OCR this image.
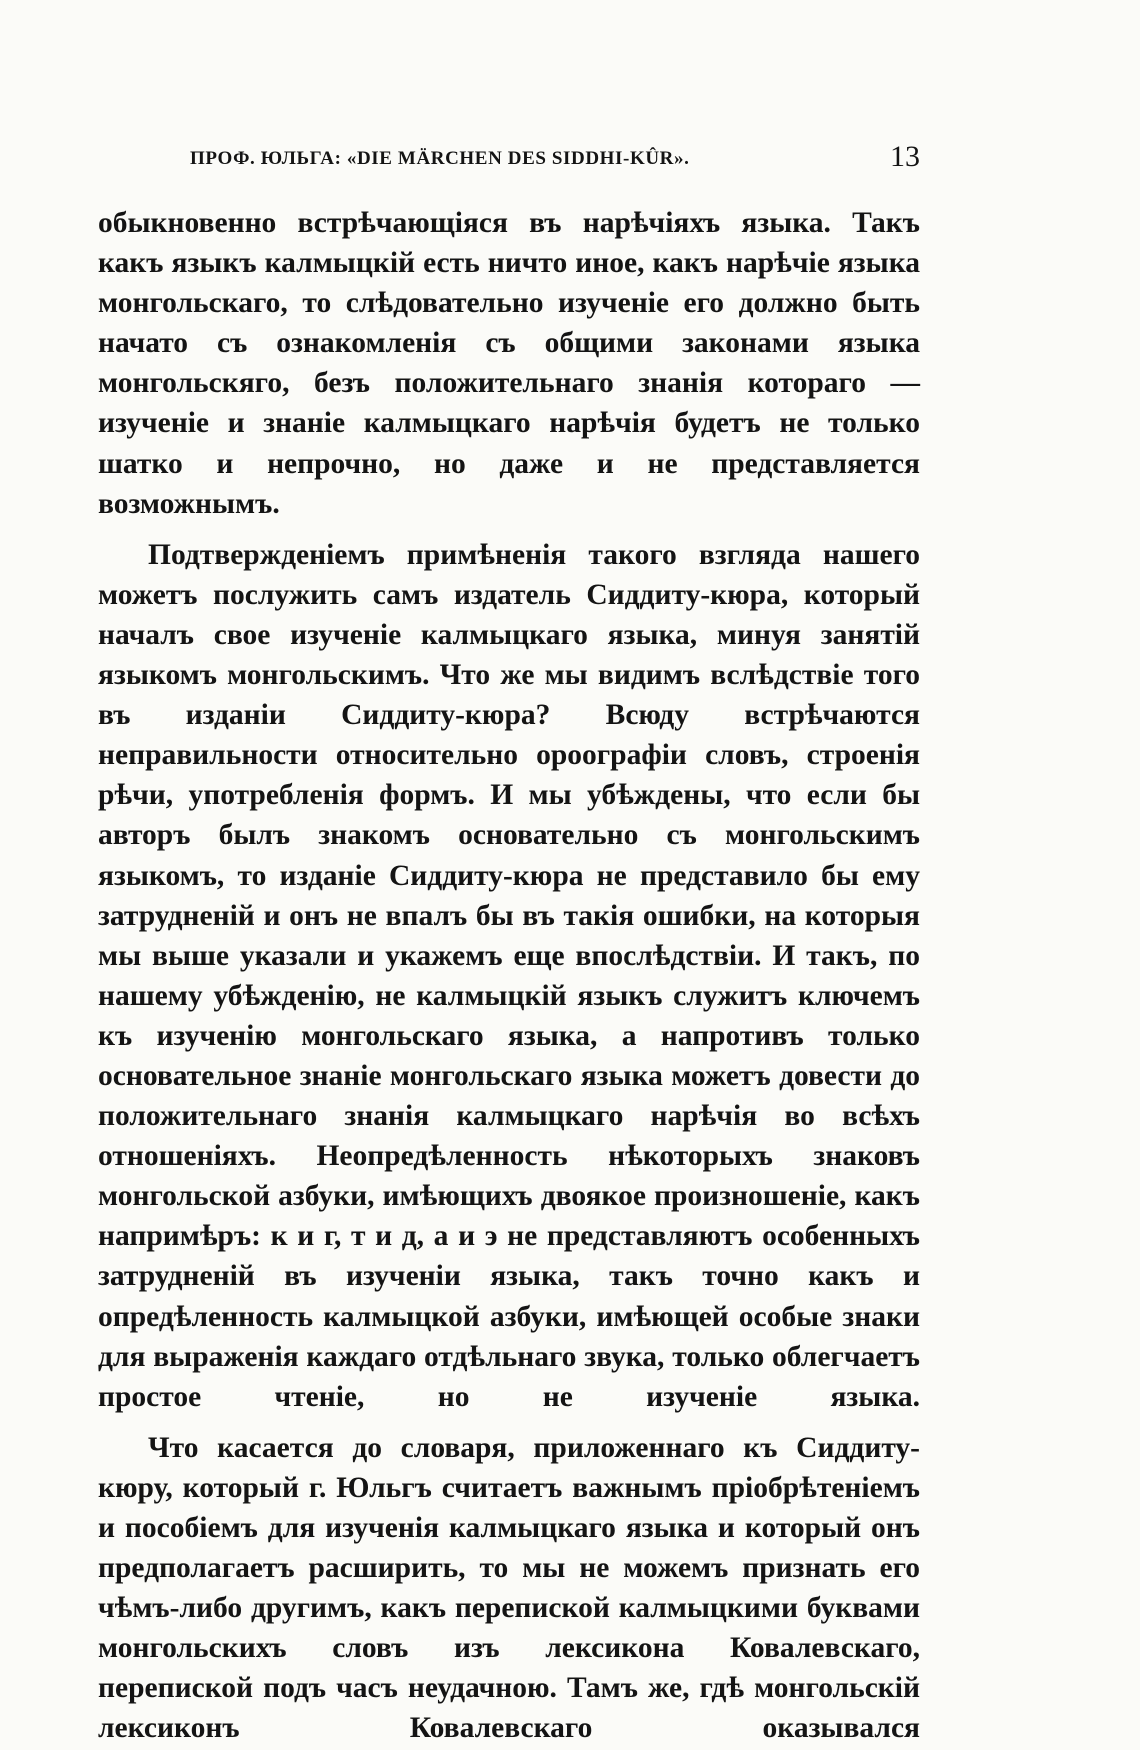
ПРОФ. ЮЛЬГА: «DIE MÄRCHEN DES SIDDHI-KÛR».	13

обыкновенно встрѣчающiяся въ нарѣчiяхъ языка. Такъ какъ языкъ калмыцкiй есть ничто иное, какъ нарѣчiе языка монгольскаго, то слѣдовательно изученiе его должно быть начато съ ознакомленiя съ общими законами языка монгольскяго, безъ положительнаго знанiя котораго — изученiе и знанiе калмыцкаго нарѣчiя будетъ не только шатко и непрочно, но даже и не представляется возможнымъ.

Подтвержденiемъ примѣненiя такого взгляда нашего можетъ послужить самъ издатель Сиддиту-кюра, который началъ свое изученiе калмыцкаго языка, минуя занятiй языкомъ монгольскимъ. Что же мы видимъ вслѣдствiе того въ изданiи Сиддиту-кюра? Всюду встрѣчаются неправильности относительно ороографiи словъ, строенiя рѣчи, употребленiя формъ. И мы убѣждены, что если бы авторъ былъ знакомъ основательно съ монгольскимъ языкомъ, то изданiе Сиддиту-кюра не представило бы ему затрудненiй и онъ не впалъ бы въ такiя ошибки, на которыя мы выше указали и укажемъ еще впослѣдствiи. И такъ, по нашему убѣжденiю, не калмыцкiй языкъ служитъ ключемъ къ изученiю монгольскаго языка, а напротивъ только основательное знанiе монгольскаго языка можетъ довести до положительнаго знанiя калмыцкаго нарѣчiя во всѣхъ отношенiяхъ. Неопредѣленность нѣкоторыхъ знаковъ монгольской азбуки, имѣющихъ двоякое произношенiе, какъ напримѣръ: к и г, т и д, а и э не представляютъ особенныхъ затрудненiй въ изученiи языка, такъ точно какъ и опредѣленность калмыцкой азбуки, имѣющей особые знаки для выраженiя каждаго отдѣльнаго звука, только облегчаетъ простое чтенiе, но не изученiе языка.

Что касается до словаря, приложеннаго къ Сиддиту-кюру, который г. Юльгъ считаетъ важнымъ прiобрѣтенiемъ и пособiемъ для изученiя калмыцкаго языка и который онъ предполагаетъ расширить, то мы не можемъ признать его чѣмъ-либо другимъ, какъ перепиской калмыцкими буквами монгольскихъ словъ изъ лексикона Ковалевскаго, перепиской подъ часъ неудачною. Тамъ же, гдѣ монгольскiй лексиконъ Ковалевскаго оказывался
